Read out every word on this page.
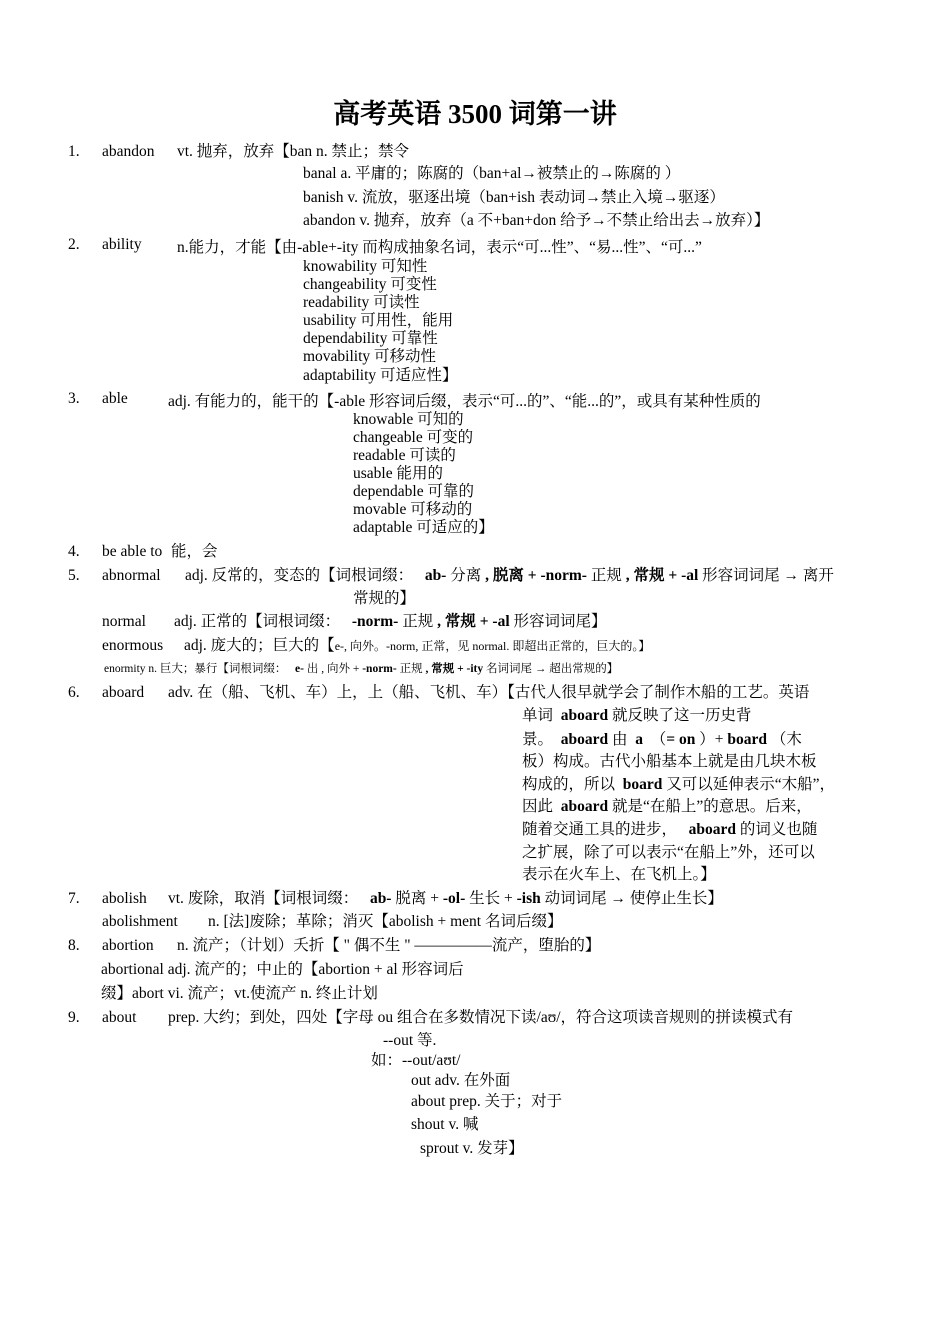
高考英语 3500 词第一讲
1. abandon vt. 抛弃，放弃【ban n. 禁止；禁令
banal a. 平庸的；陈腐的（ban+al→被禁止的→陈腐的 ）
banish v. 流放，驱逐出境（ban+ish 表动词→禁止入境→驱逐）
abandon v. 抛弃，放弃（a 不+ban+don 给予→不禁止给出去→放弃）】
2. ability n.能力，才能【由-able+-ity 而构成抽象名词，表示“可...性”、“易...性”、“可...”
knowability 可知性
changeability 可变性
readability 可读性
usability 可用性，能用
dependability 可靠性
movability 可移动性
adaptability 可适应性】
3. able	adj. 有能力的，能干的【-able 形容词后缀，表示“可...的”、“能...的”，或具有某种性质的
knowable 可知的
changeable 可变的
readable 可读的
usable 能用的
dependable 可靠的
movable 可移动的
adaptable 可适应的】
4. be able to 能，会
5. abnormal adj. 反常的，变态的【词根词缀： ab- 分离 , 脱离 + -norm- 正规 , 常规 + -al 形容词词尾 → 离开
常规的】
normal adj. 正常的【词根词缀： -norm- 正规 , 常规 + -al 形容词词尾】
enormous adj. 庞大的；巨大的【e-, 向外。-norm, 正常，见 normal. 即超出正常的，巨大的。】
enormity n. 巨大；暴行【词根词缀： e- 出 , 向外 + -norm- 正规 , 常规 + -ity 名词词尾 → 超出常规的】
6. aboard adv. 在（船、飞机、车）上，上（船、飞机、车）【古代人很早就学会了制作木船的工艺。英语
单词 aboard 就反映了这一历史背
景。 aboard 由 a （= on ）+ board （木
板）构成。古代小船基本上就是由几块木板
构成的，所以 board 又可以延伸表示“木船”，
因此 aboard 就是“在船上”的意思。后来，
随着交通工具的进步， aboard 的词义也随
之扩展，除了可以表示“在船上”外，还可以
表示在火车上、在飞机上。】
7. abolish vt. 废除，取消【词根词缀： ab- 脱离 + -ol- 生长 + -ish 动词词尾 → 使停止生长】
abolishment n. [法]废除；革除；消灭【abolish + ment 名词后缀】
8. abortion n. 流产；（计划）夭折【 " 偶不生 " —————流产，堕胎的】
abortional adj. 流产的；中止的【abortion + al 形容词后
缀】abort vi. 流产；vt.使流产 n. 终止计划
9. about prep. 大约；到处，四处【字母 ou 组合在多数情况下读/aʊ/，符合这项读音规则的拼读模式有
--out 等.
如：--out/aʊt/
out adv. 在外面
about prep. 关于；对于
shout v. 喊
sprout v. 发芽】
